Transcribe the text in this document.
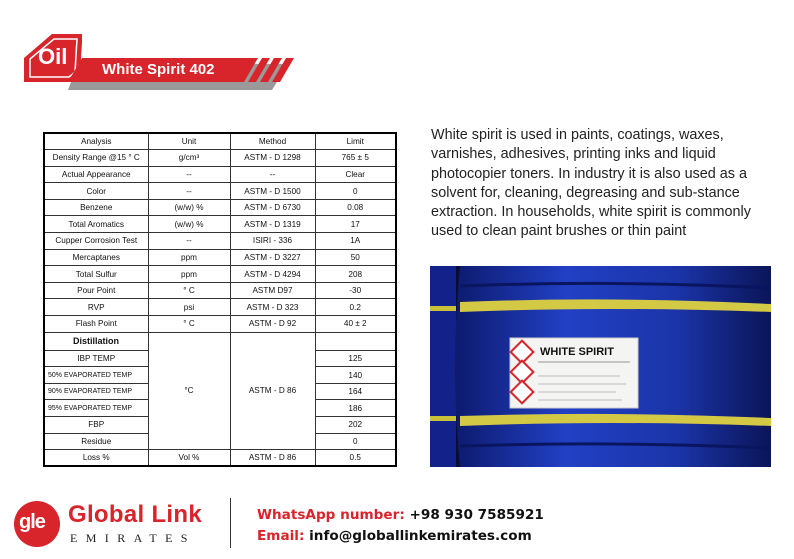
Oil
White Spirit 402
Analysis	Unit	Method	Limit
Density Range @15 ° C	g/cm³	ASTM - D 1298	765 ± 5
Actual Appearance	--	--	Clear
Color	--	ASTM - D 1500	0
Benzene	(w/w) %	ASTM - D 6730	0.08
Total Aromatics	(w/w) %	ASTM - D 1319	17
Cupper Corrosion Test	--	ISIRI - 336	1A
Mercaptanes	ppm	ASTM - D 3227	50
Total Sulfur	ppm	ASTM - D 4294	208
Pour Point	° C	ASTM D97	-30
RVP	psi	ASTM - D 323	0.2
Flash Point	° C	ASTM - D 92	40 ± 2
Distillation	°C	ASTM - D 86	
IBP TEMP			125
50% EVAPORATED TEMP			140
90% EVAPORATED TEMP			164
95% EVAPORATED TEMP			186
FBP			202
Residue			0
Loss %	Vol %	ASTM - D 86	0.5

White spirit is used in paints, coatings, waxes, varnishes, adhesives, printing inks and liquid photocopier toners. In industry it is also used as a solvent for, cleaning, degreasing and sub-stance extraction. In households, white spirit is commonly used to clean paint brushes or thin paint

WHITE SPIRIT
gle Global Link
EMIRATES
WhatsApp number: +98 930 7585921
Email: info@globallinkemirates.com
